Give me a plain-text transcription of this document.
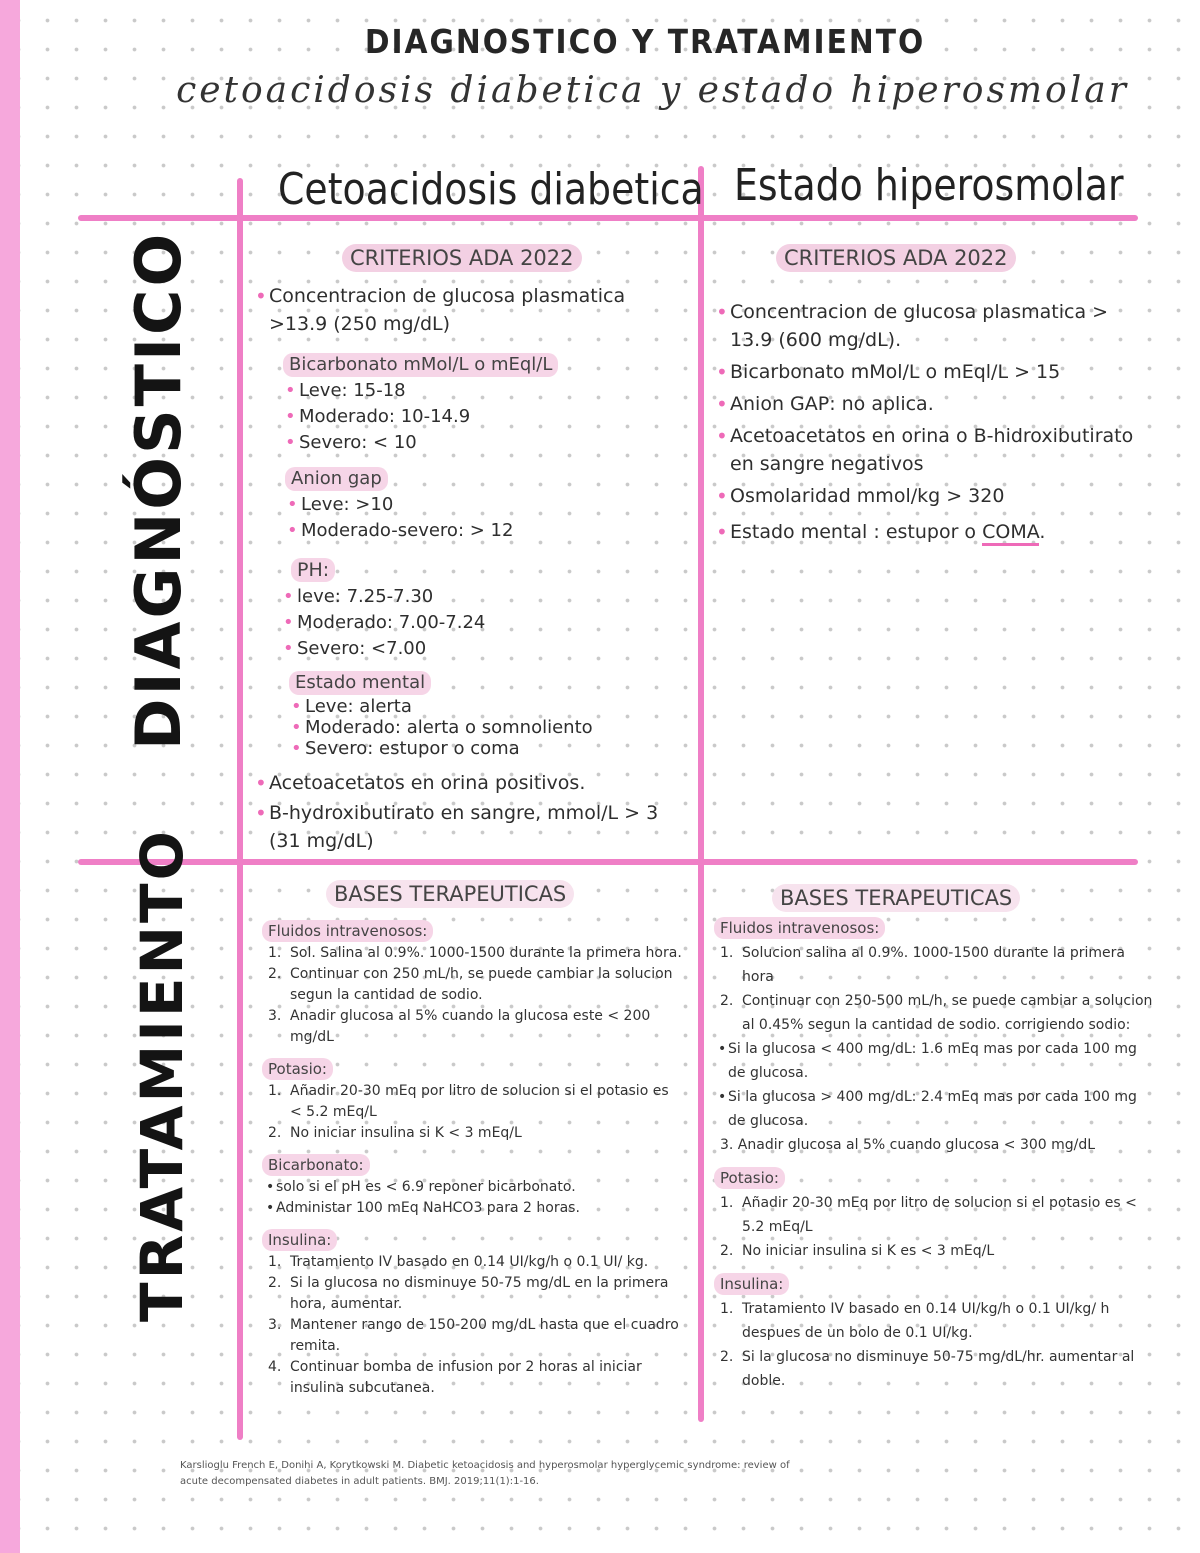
DIAGNOSTICO Y TRATAMIENTO
cetoacidosis diabetica y estado hiperosmolar
Cetoacidosis diabetica Estado hiperosmolar
DIAGNÓSTICO
TRATAMIENTO
CRITERIOS ADA 2022
• Concentracion de glucosa plasmatica >13.9 (250 mg/dL)
Bicarbonato mMol/L o mEql/L
• Leve: 15-18
• Moderado: 10-14.9
• Severo: < 10
Anion gap
• Leve: >10
• Moderado-severo: > 12
PH:
• leve: 7.25-7.30
• Moderado: 7.00-7.24
• Severo: <7.00
Estado mental
• Leve: alerta
• Moderado: alerta o somnoliento
• Severo: estupor o coma
• Acetoacetatos en orina positivos.
• B-hydroxibutirato en sangre, mmol/L > 3 (31 mg/dL)
CRITERIOS ADA 2022
• Concentracion de glucosa plasmatica > 13.9 (600 mg/dL).
• Bicarbonato mMol/L o mEql/L > 15
• Anion GAP: no aplica.
• Acetoacetatos en orina o B-hidroxibutirato en sangre negativos
• Osmolaridad mmol/kg > 320
• Estado mental : estupor o COMA.
BASES TERAPEUTICAS
Fluidos intravenosos:
Sol. Salina al 0.9%. 1000-1500 durante la primera hora.
Continuar con 250 mL/h, se puede cambiar la solucion segun la cantidad de sodio.
Anadir glucosa al 5% cuando la glucosa este < 200 mg/dL
Potasio:
Añadir 20-30 mEq por litro de solucion si el potasio es < 5.2 mEq/L
No iniciar insulina si K < 3 mEq/L
Bicarbonato:
• solo si el pH es < 6.9 reponer bicarbonato.
• Administar 100 mEq NaHCO3 para 2 horas.
Insulina:
Tratamiento IV basado en 0.14 UI/kg/h o 0.1 UI/ kg.
Si la glucosa no disminuye 50-75 mg/dL en la primera hora, aumentar.
Mantener rango de 150-200 mg/dL hasta que el cuadro remita.
Continuar bomba de infusion por 2 horas al iniciar insulina subcutanea.
BASES TERAPEUTICAS
Fluidos intravenosos:
Solucion salina al 0.9%. 1000-1500 durante la primera hora
Continuar con 250-500 mL/h, se puede cambiar a solucion al 0.45% segun la cantidad de sodio. corrigiendo sodio:
• Si la glucosa < 400 mg/dL: 1.6 mEq mas por cada 100 mg de glucosa.
• Si la glucosa > 400 mg/dL: 2.4 mEq mas por cada 100 mg de glucosa.
3. Anadir glucosa al 5% cuando glucosa < 300 mg/dL
Potasio:
Añadir 20-30 mEq por litro de solucion si el potasio es < 5.2 mEq/L
No iniciar insulina si K es < 3 mEq/L
Insulina:
Tratamiento IV basado en 0.14 UI/kg/h o 0.1 UI/kg/ h despues de un bolo de 0.1 UI/kg.
Si la glucosa no disminuye 50-75 mg/dL/hr. aumentar al doble.
Karslioglu French E, Donihi A, Korytkowski M. Diabetic ketoacidosis and hyperosmolar hyperglycemic syndrome: review of acute decompensated diabetes in adult patients. BMJ. 2019;11(1):1-16.
